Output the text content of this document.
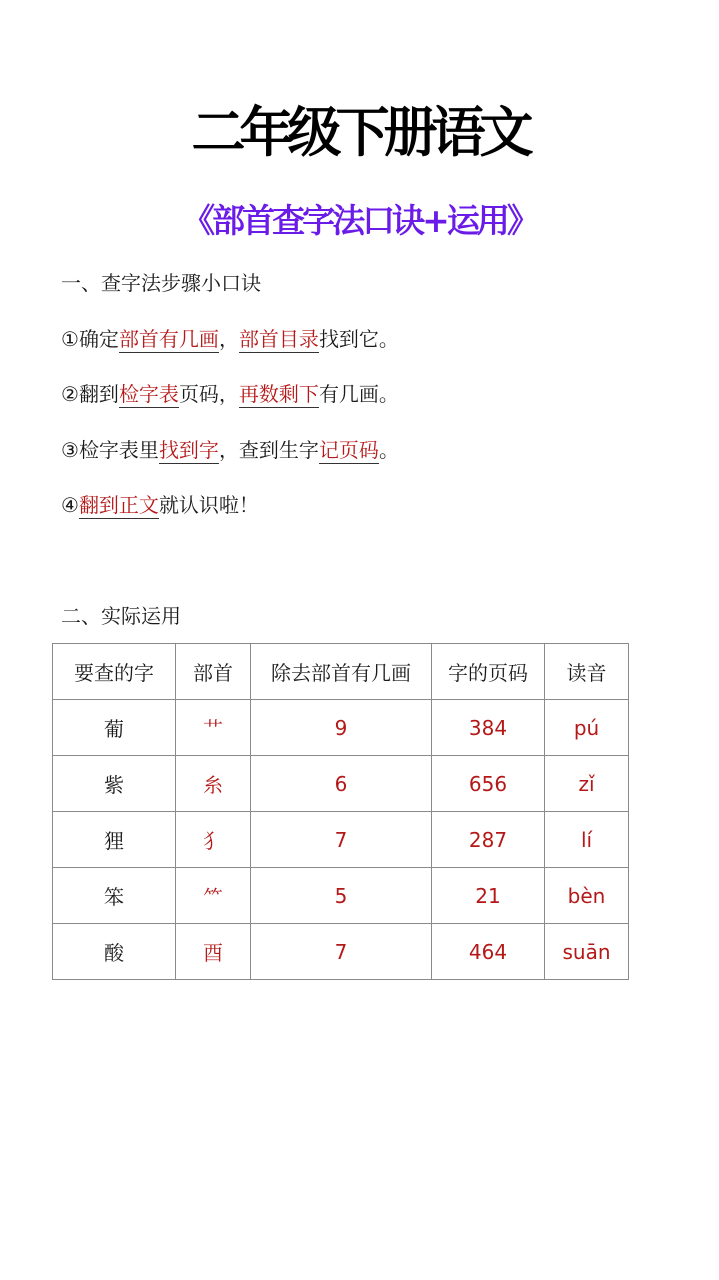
二年级下册语文
《部首查字法口诀+运用》
一、查字法步骤小口诀
①确定部首有几画，部首目录找到它。
②翻到检字表页码，再数剩下有几画。
③检字表里找到字，查到生字记页码。
④翻到正文就认识啦！
二、实际运用
要查的字	部首	除去部首有几画	字的页码	读音
葡	艹	9	384	pú
紫	糸	6	656	zǐ
狸	犭	7	287	lí
笨	⺮	5	21	bèn
酸	酉	7	464	suān
